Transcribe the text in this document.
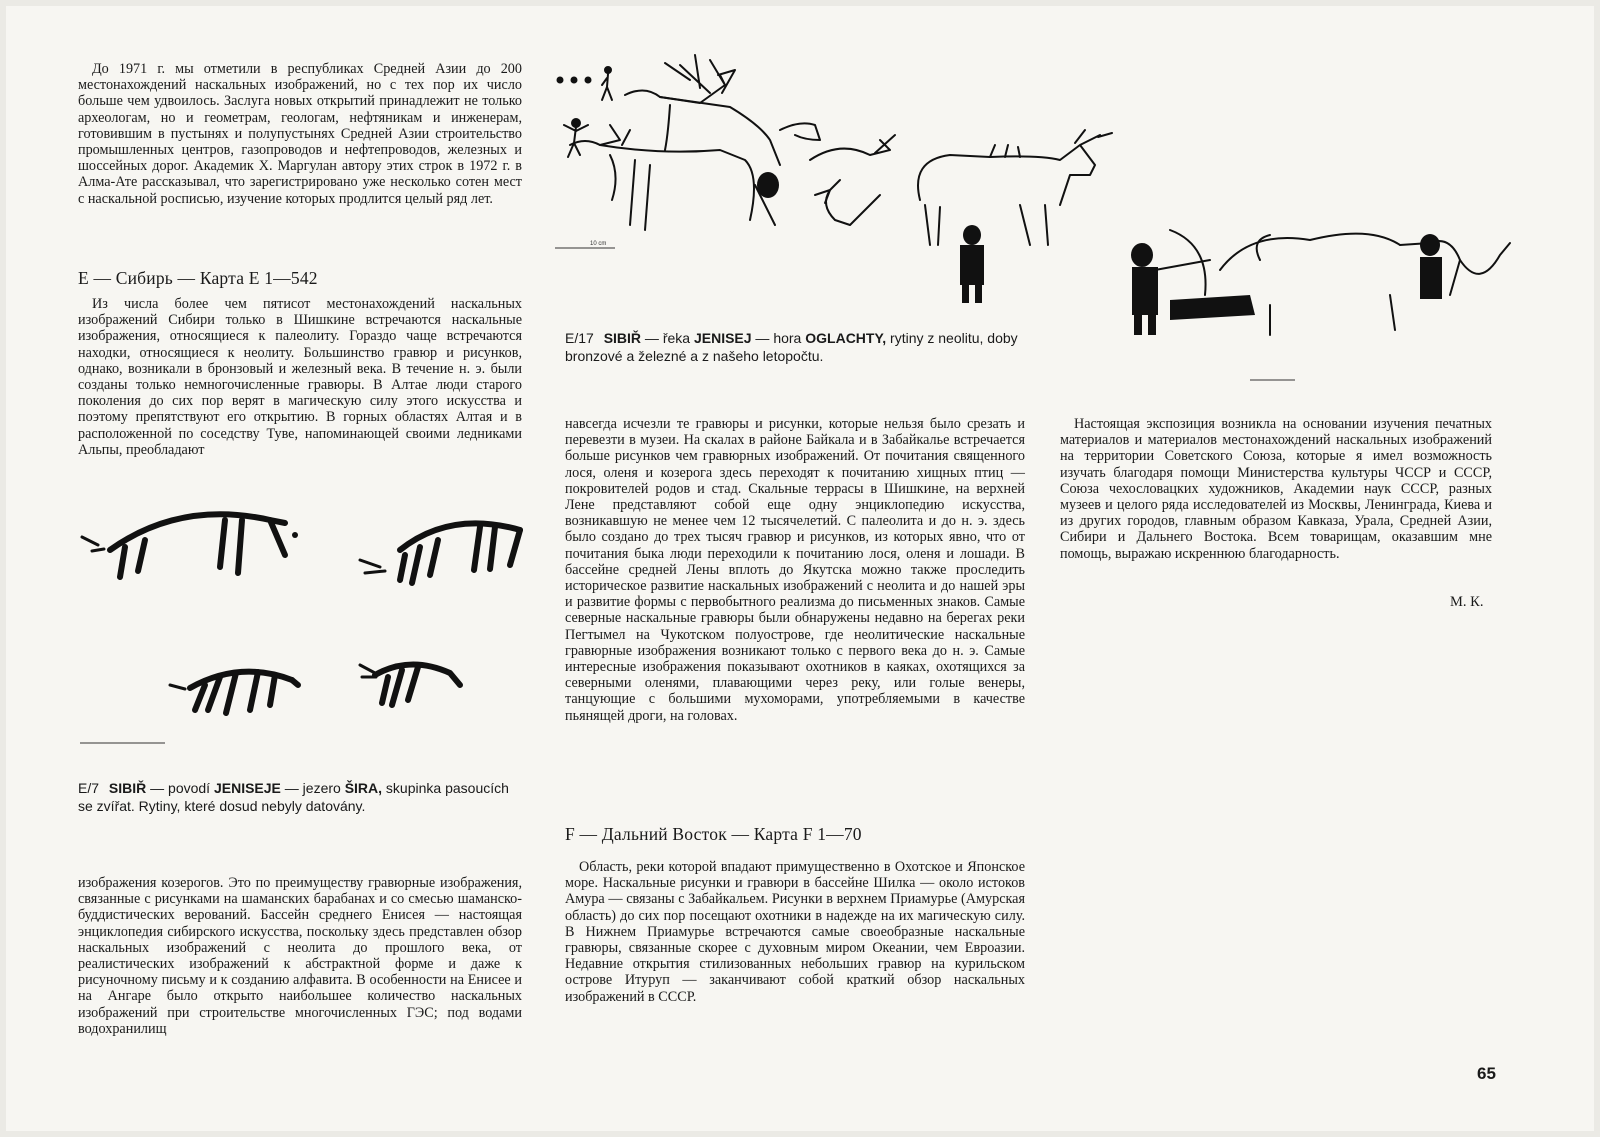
До 1971 г. мы отметили в республиках Средней Азии до 200 местонахождений наскальных изображений, но с тех пор их число больше чем удвоилось. Заслуга новых открытий принадлежит не только археологам, но и геометрам, геологам, нефтяникам и инженерам, готовившим в пустынях и полупустынях Средней Азии строительство промышленных центров, газопроводов и нефтепроводов, железных и шоссейных дорог. Академик Х. Маргулан автору этих строк в 1972 г. в Алма-Ате рассказывал, что зарегистрировано уже несколько сотен мест с наскальной росписью, изучение которых продлится целый ряд лет.

Е — Сибирь — Карта Е 1—542

Из числа более чем пятисот местонахождений наскальных изображений Сибири только в Шишкине встречаются наскальные изображения, относящиеся к палеолиту. Гораздо чаще встречаются находки, относящиеся к неолиту. Большинство гравюр и рисунков, однако, возникали в бронзовый и железный века. В течение н. э. были созданы только немногочисленные гравюры. В Алтае люди старого поколения до сих пор верят в магическую силу этого искусства и поэтому препятствуют его открытию. В горных областях Алтая и в расположенной по соседству Туве, напоминающей своими ледниками Альпы, преобладают

E/7 SIBIŘ — povodí JENISEJE — jezero ŠIRA, skupinka pasoucích se zvířat. Rytiny, které dosud nebyly datovány.

изображения козерогов. Это по преимуществу гравюрные изображения, связанные с рисунками на шаманских барабанах и со смесью шаманско-буддистических верований. Бассейн среднего Енисея — настоящая энциклопедия сибирского искусства, поскольку здесь представлен обзор наскальных изображений с неолита до прошлого века, от реалистических изображений к абстрактной форме и даже к рисуночному письму и к созданию алфавита. В особенности на Енисее и на Ангаре было открыто наибольшее количество наскальных изображений при строительстве многочисленных ГЭС; под водами водохранилищ

10 cm
E/17 SIBIŘ — řeka JENISEJ — hora OGLACHTY, rytiny z neolitu, doby bronzové a železné a z našeho letopočtu.

навсегда исчезли те гравюры и рисунки, которые нельзя было срезать и перевезти в музеи. На скалах в районе Байкала и в Забайкалье встречается больше рисунков чем гравюрных изображений. От почитания священного лося, оленя и козерога здесь переходят к почитанию хищных птиц — покровителей родов и стад. Скальные террасы в Шишкине, на верхней Лене представляют собой еще одну энциклопедию искусства, возникавшую не менее чем 12 тысячелетий. С палеолита и до н. э. здесь было создано до трех тысяч гравюр и рисунков, из которых явно, что от почитания быка люди переходили к почитанию лося, оленя и лошади. В бассейне средней Лены вплоть до Якутска можно также проследить историческое развитие наскальных изображений с неолита и до нашей эры и развитие формы с первобытного реализма до письменных знаков. Самые северные наскальные гравюры были обнаружены недавно на берегах реки Пегтымел на Чукотском полуострове, где неолитические наскальные гравюрные изображения возникают только с первого века до н. э. Самые интересные изображения показывают охотников в каяках, охотящихся за северными оленями, плавающими через реку, или голые венеры, танцующие с большими мухоморами, употребляемыми в качестве пьянящей дроги, на головах.

F — Дальний Восток — Карта F 1—70

Область, реки которой впадают примущественно в Охотское и Японское море. Наскальные рисунки и гравюри в бассейне Шилка — около истоков Амура — связаны с Забайкальем. Рисунки в верхнем Приамурье (Амурская область) до сих пор посещают охотники в надежде на их магическую силу. В Нижнем Приамурье встречаются самые своеобразные наскальные гравюры, связанные скорее с духовным миром Океании, чем Евроазии. Недавние открытия стилизованных небольших гравюр на курильском острове Итуруп — заканчивают собой краткий обзор наскальных изображений в СССР.

Настоящая экспозиция возникла на основании изучения печатных материалов и материалов местонахождений наскальных изображений на территории Советского Союза, которые я имел возможность изучать благодаря помощи Министерства культуры ЧССР и СССР, Союза чехословацких художников, Академии наук СССР, разных музеев и целого ряда исследователей из Москвы, Ленинграда, Киева и из других городов, главным образом Кавказа, Урала, Средней Азии, Сибири и Дальнего Востока. Всем товарищам, оказавшим мне помощь, выражаю искреннюю благодарность.

М. К.
65
